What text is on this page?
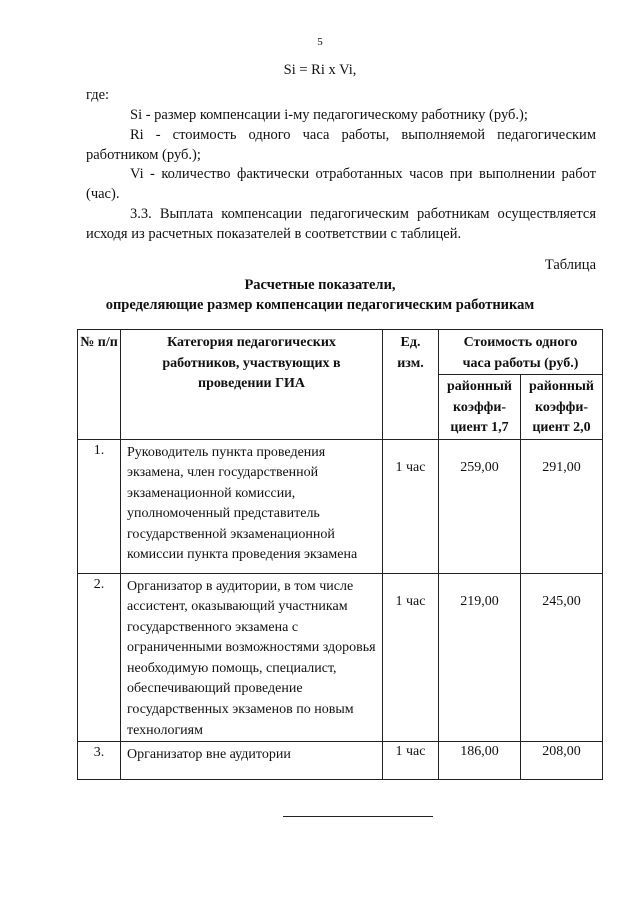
5
Si = Ri x Vi,

где:

Si - размер компенсации i-му педагогическому работнику (руб.);

Ri - стоимость одного часа работы, выполняемой педагогическим работником (руб.);

Vi - количество фактически отработанных часов при выполнении работ (час).

3.3. Выплата компенсации педагогическим работникам осуществляется исходя из расчетных показателей в соответствии с таблицей.

Таблица
Расчетные показатели,
определяющие размер компенсации педагогическим работникам
№ п/п	Категория педагогических работников, участвующих в проведении ГИА	Ед. изм.	Стоимость одного часа работы (руб.)	
			районный коэффи-циент 1,7	районный коэффи-циент 2,0
1.	Руководитель пункта проведения экзамена, член государственной экзаменационной комиссии, уполномоченный представитель государственной экзаменационной комиссии пункта проведения экзамена	1 час	259,00	291,00
2.	Организатор в аудитории, в том числе ассистент, оказывающий участникам государственного экзамена с ограниченными возможностями здоровья необходимую помощь, специалист, обеспечивающий проведение государственных экзаменов по новым технологиям	1 час	219,00	245,00
3.	Организатор вне аудитории	1 час	186,00	208,00
